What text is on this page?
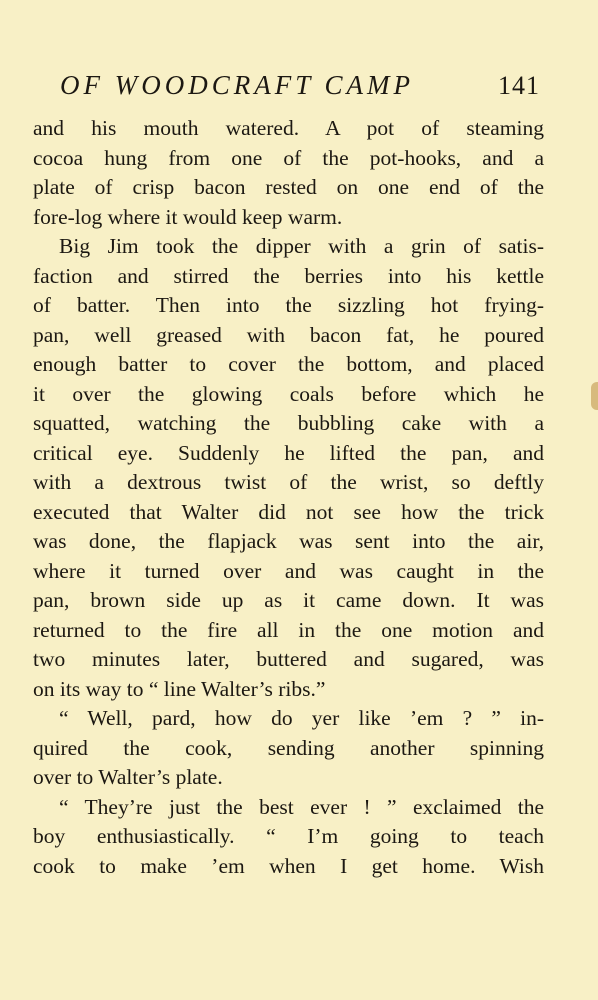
OF WOODCRAFT CAMP	141
and his mouth watered. A pot of steaming
cocoa hung from one of the pot-hooks, and a
plate of crisp bacon rested on one end of the
fore-log where it would keep warm.
Big Jim took the dipper with a grin of satis-
faction and stirred the berries into his kettle
of batter. Then into the sizzling hot frying-
pan, well greased with bacon fat, he poured
enough batter to cover the bottom, and placed
it over the glowing coals before which he
squatted, watching the bubbling cake with a
critical eye. Suddenly he lifted the pan, and
with a dextrous twist of the wrist, so deftly
executed that Walter did not see how the trick
was done, the flapjack was sent into the air,
where it turned over and was caught in the
pan, brown side up as it came down. It was
returned to the fire all in the one motion and
two minutes later, buttered and sugared, was
on its way to “ line Walter’s ribs.”
“ Well, pard, how do yer like ’em ? ” in-
quired the cook, sending another spinning
over to Walter’s plate.
“ They’re just the best ever ! ” exclaimed the
boy enthusiastically. “ I’m going to teach
cook to make ’em when I get home. Wish
